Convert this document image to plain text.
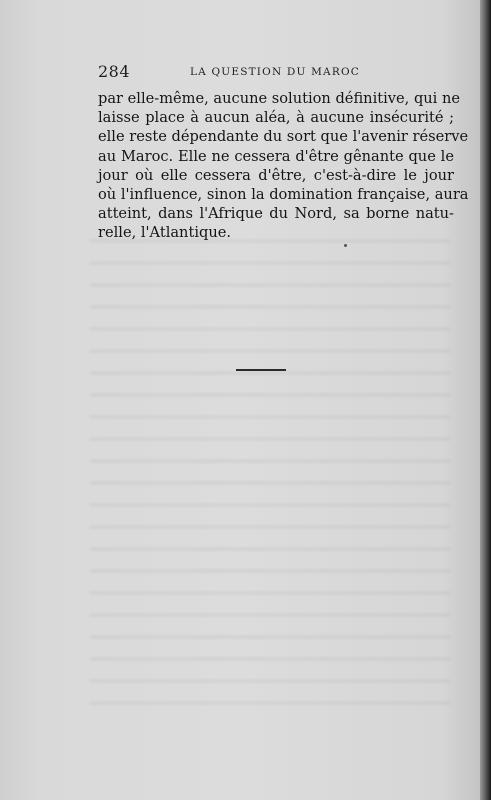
284	LA QUESTION DU MAROC

par elle-même, aucune solution définitive, qui ne
laisse place à aucun aléa, à aucune insécurité ;
elle reste dépendante du sort que l'avenir réserve
au Maroc. Elle ne cessera d'être gênante que le
jour où elle cessera d'être, c'est-à-dire le jour
où l'influence, sinon la domination française, aura
atteint, dans l'Afrique du Nord, sa borne natu-
relle, l'Atlantique.
